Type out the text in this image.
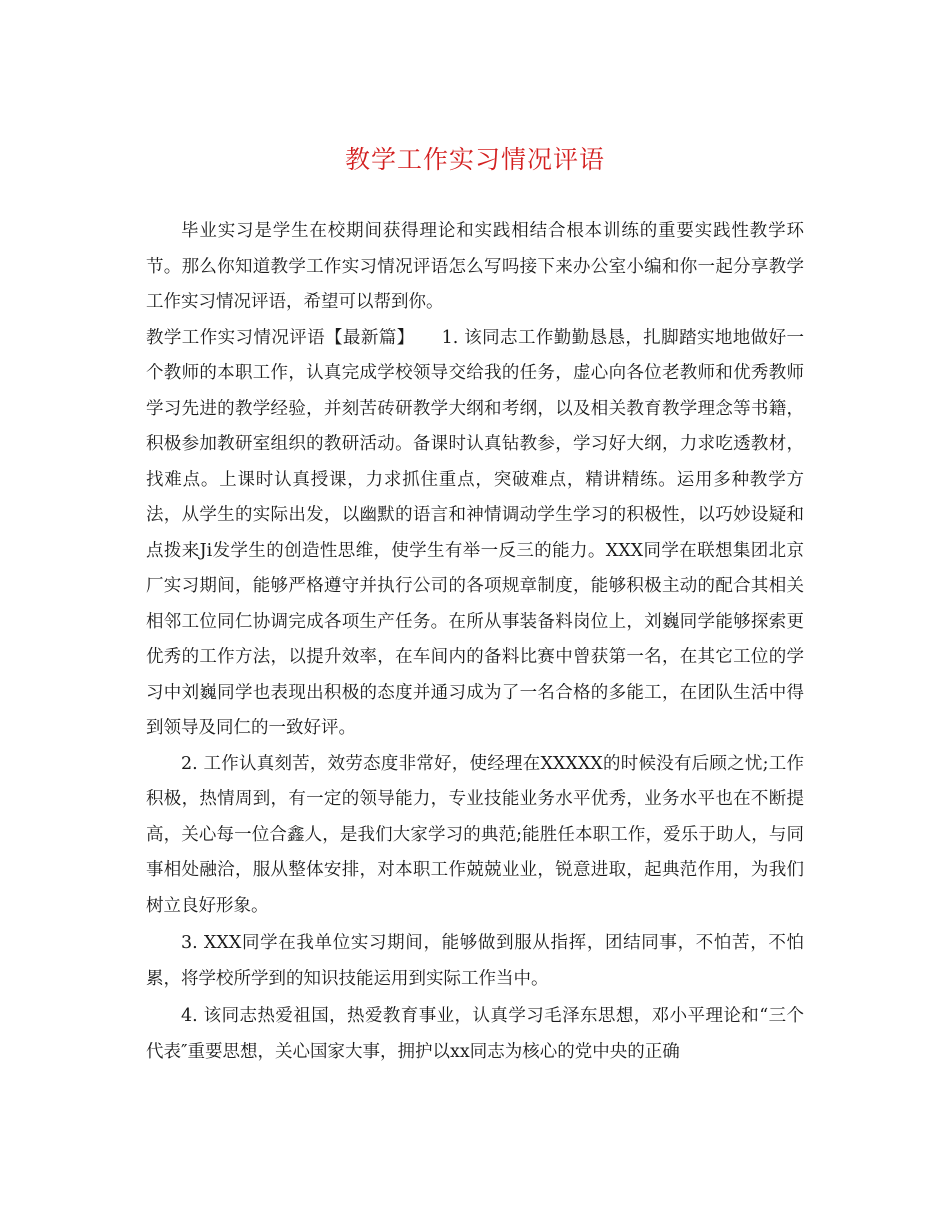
教学工作实习情况评语

毕业实习是学生在校期间获得理论和实践相结合根本训练的重要实践性教学环节。那么你知道教学工作实习情况评语怎么写吗接下来办公室小编和你一起分享教学工作实习情况评语，希望可以帮到你。

教学工作实习情况评语【最新篇】　　1. 该同志工作勤勤恳恳，扎脚踏实地地做好一个教师的本职工作，认真完成学校领导交给我的任务，虚心向各位老教师和优秀教师学习先进的教学经验，并刻苦砖研教学大纲和考纲，以及相关教育教学理念等书籍，积极参加教研室组织的教研活动。备课时认真钻教参，学习好大纲，力求吃透教材，找难点。上课时认真授课，力求抓住重点，突破难点，精讲精练。运用多种教学方法，从学生的实际出发，以幽默的语言和神情调动学生学习的积极性，以巧妙设疑和点拨来Ji发学生的创造性思维，使学生有举一反三的能力。XXX同学在联想集团北京厂实习期间，能够严格遵守并执行公司的各项规章制度，能够积极主动的配合其相关相邻工位同仁协调完成各项生产任务。在所从事装备料岗位上，刘巍同学能够探索更优秀的工作方法，以提升效率，在车间内的备料比赛中曾获第一名，在其它工位的学习中刘巍同学也表现出积极的态度并通习成为了一名合格的多能工，在团队生活中得到领导及同仁的一致好评。

2. 工作认真刻苦，效劳态度非常好，使经理在XXXXX的时候没有后顾之忧;工作积极，热情周到，有一定的领导能力，专业技能业务水平优秀，业务水平也在不断提高，关心每一位合鑫人，是我们大家学习的典范;能胜任本职工作，爱乐于助人，与同事相处融洽，服从整体安排，对本职工作兢兢业业，锐意进取，起典范作用，为我们树立良好形象。

3. XXX同学在我单位实习期间，能够做到服从指挥，团结同事，不怕苦，不怕累，将学校所学到的知识技能运用到实际工作当中。

4. 该同志热爱祖国，热爱教育事业，认真学习毛泽东思想，邓小平理论和“三个代表″重要思想，关心国家大事，拥护以xx同志为核心的党中央的正确
